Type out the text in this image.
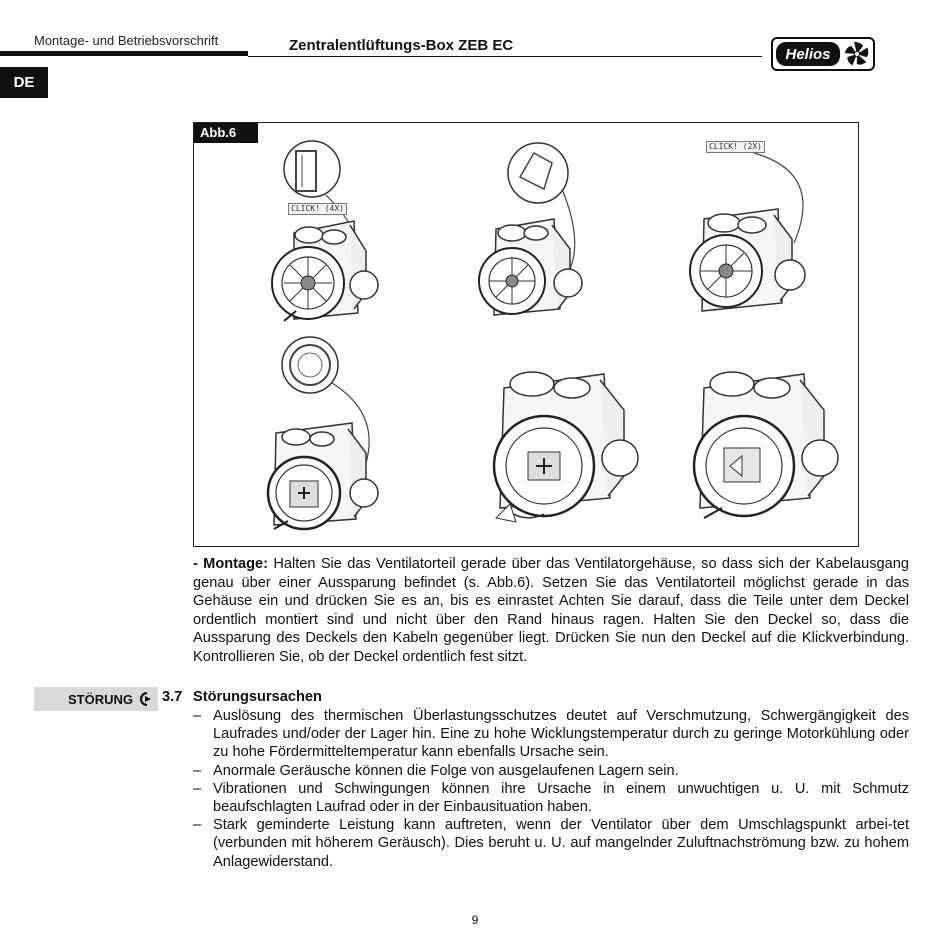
Montage- und Betriebsvorschrift	Zentralentlüftungs-Box ZEB EC
Helios
DE
Abb.6
CLICK! (4X)
CLICK! (2X)
- Montage: Halten Sie das Ventilatorteil gerade über das Ventilatorgehäuse, so dass sich der Kabelausgang genau über einer Aussparung befindet (s. Abb.6). Setzen Sie das Ventilatorteil möglichst gerade in das Gehäuse ein und drücken Sie es an, bis es einrastet Achten Sie darauf, dass die Teile unter dem Deckel ordentlich montiert sind und nicht über den Rand hinaus ragen. Halten Sie den Deckel so, dass die Aussparung des Deckels den Kabeln gegenüber liegt. Drücken Sie nun den Deckel auf die Klickverbindung. Kontrollieren Sie, ob der Deckel ordentlich fest sitzt.
STÖRUNG 3.7 Störungsursachen
– Auslösung des thermischen Überlastungsschutzes deutet auf Verschmutzung, Schwergängigkeit des Laufrades und/oder der Lager hin. Eine zu hohe Wicklungstemperatur durch zu geringe Motorkühlung oder zu hohe Fördermitteltemperatur kann ebenfalls Ursache sein.
– Anormale Geräusche können die Folge von ausgelaufenen Lagern sein.
– Vibrationen und Schwingungen können ihre Ursache in einem unwuchtigen u. U. mit Schmutz beaufschlagten Laufrad oder in der Einbausituation haben.
– Stark geminderte Leistung kann auftreten, wenn der Ventilator über dem Umschlagspunkt arbei-tet (verbunden mit höherem Geräusch). Dies beruht u. U. auf mangelnder Zuluftnachströmung bzw. zu hohem Anlagewiderstand.
9
